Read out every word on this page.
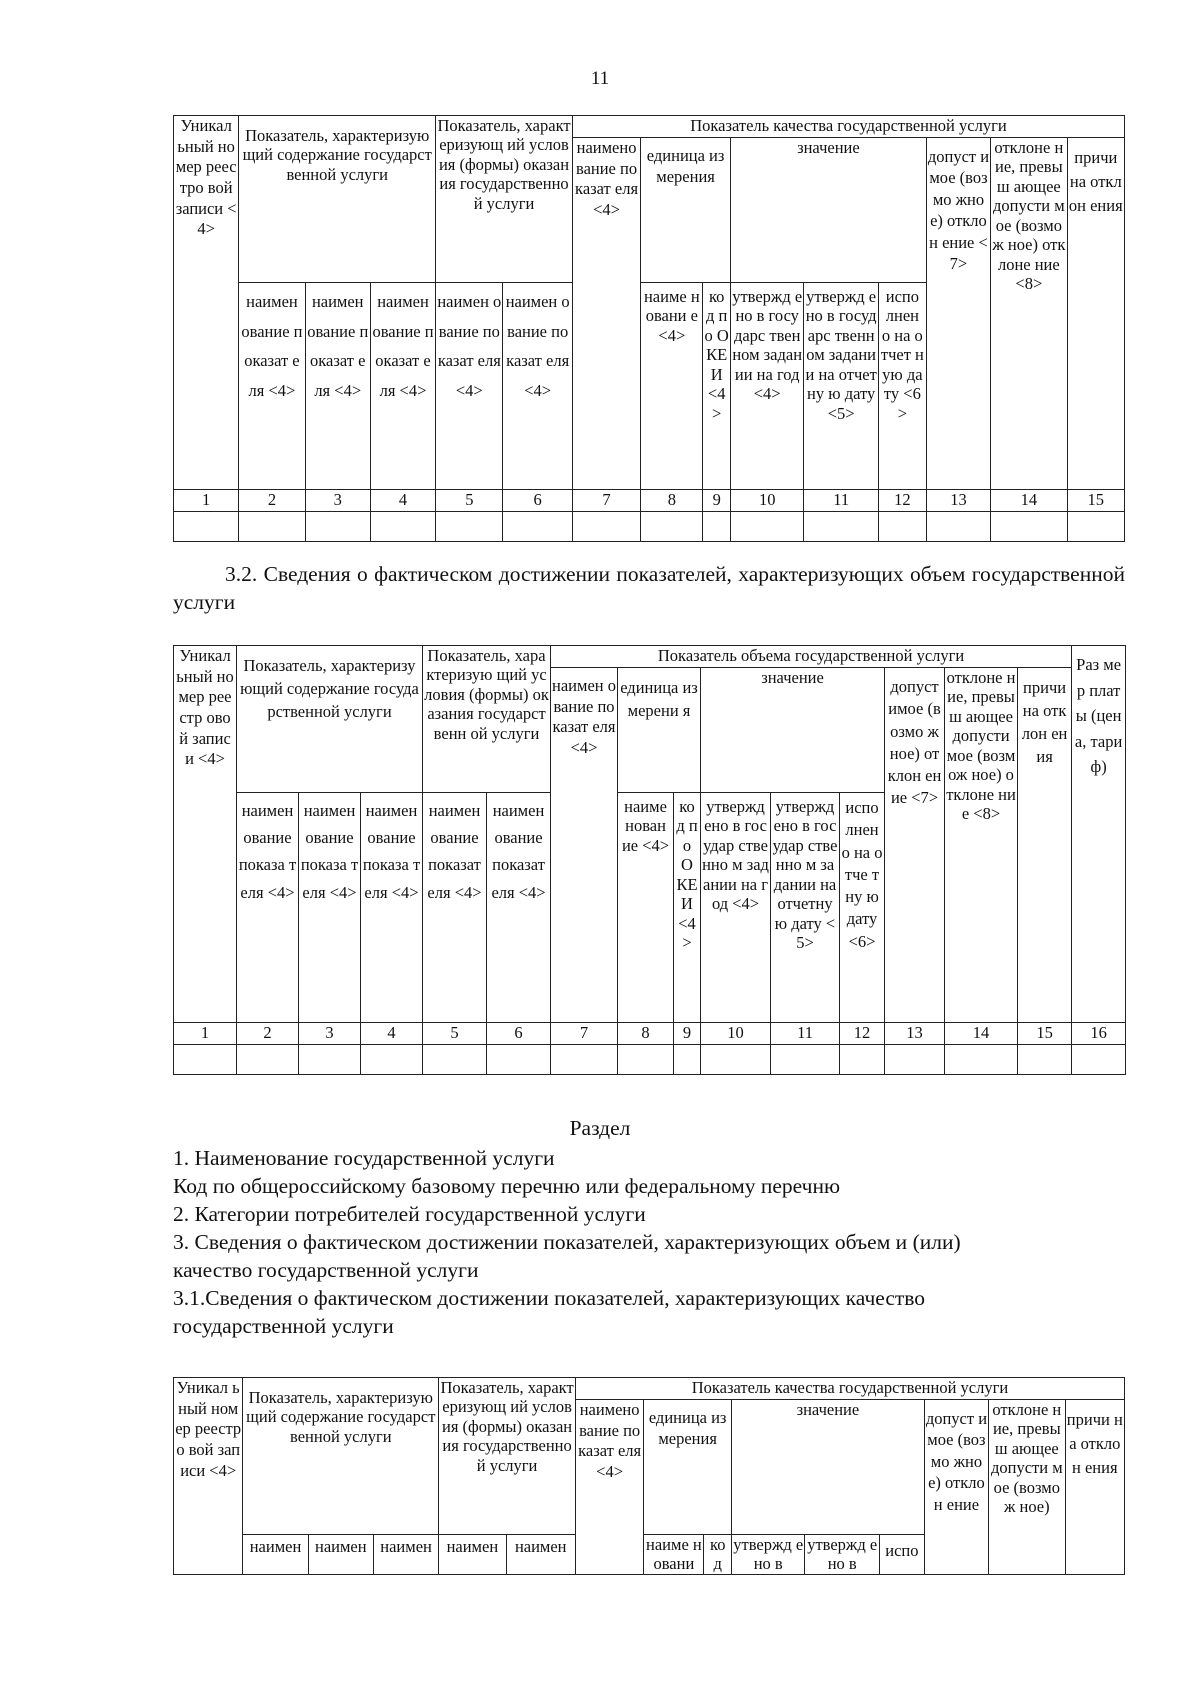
11
Уникал ьный номер реестро вой записи <4>	Показатель, характеризующий содержание государственной услуги			Показатель, характеризующ ий условия (формы) оказания государственно й услуги		Показатель качества государственной услуги								
						наимено вание показат еля <4>	единица измерения		значение			допуст имое (возмо жное) отклон ение <7>	отклоне ние, превыш ающее допусти мое (возмож ное) отклоне ние <8>	причи на отклон ения
	наимен ование показат еля <4>	наимен ование показат еля <4>	наимен ование показат еля <4>	наимен ование показат еля <4>	наимен ование показат еля <4>		наиме новани е <4>	ко д по О КЕ И <4 >	утвержд ено в государс твенном задании на год <4>	утвержд ено в государс твенном задании на отчетну ю дату <5>	испо лнен о на отчет ную дату <6>			
1	2	3	4	5	6	7	8	9	10	11	12	13	14	15

3.2. Сведения о фактическом достижении показателей, характеризующих объем государственной услуги
Уникал ьный номер реестр овой записи <4>	Показатель, характеризующий содержание государственной услуги			Показатель, характеризую щий условия (формы) оказания государственн ой услуги		Показатель объема государственной услуги									Раз мер плат ы (цен а, тари ф)
						наимен ование показат еля <4>	единица измерени я		значение			допуст имое (возмо жное) отклон ение <7>	отклоне ние, превыш ающее допусти мое (возмож ное) отклоне ние <8>	причи на отклон ения	
	наимен ование показа теля <4>	наимен ование показа теля <4>	наимен ование показа теля <4>	наимен ование показат еля <4>	наимен ование показат еля <4>		наиме нован ие <4>	ко д по О КЕ И <4 >	утвержд ено в государ ственно м задании на год <4>	утвержд ено в государ ственно м задании на отчетну ю дату <5>	испо лнен о на отче тну ю дату <6>				
1	2	3	4	5	6	7	8	9	10	11	12	13	14	15	16

Раздел
1. Наименование государственной услуги
Код по общероссийскому базовому перечню или федеральному перечню
2. Категории потребителей государственной услуги
3. Сведения о фактическом достижении показателей, характеризующих объем и (или)
качество государственной услуги
3.1.Сведения о фактическом достижении показателей, характеризующих качество
государственной услуги
Уникал ьный номер реестро вой записи <4>	Показатель, характеризующий содержание государственной услуги			Показатель, характеризующ ий условия (формы) оказания государственно й услуги		Показатель качества государственной услуги								
						наимено вание показат еля <4>	единица измерения		значение			допуст имое (возмо жное) отклон ение	отклоне ние, превыш ающее допусти мое (возмож ное)	причи на отклон ения
	наимен	наимен	наимен	наимен	наимен		наиме новани	ко д	утвержд ено в	утвержд ено в	испо			
